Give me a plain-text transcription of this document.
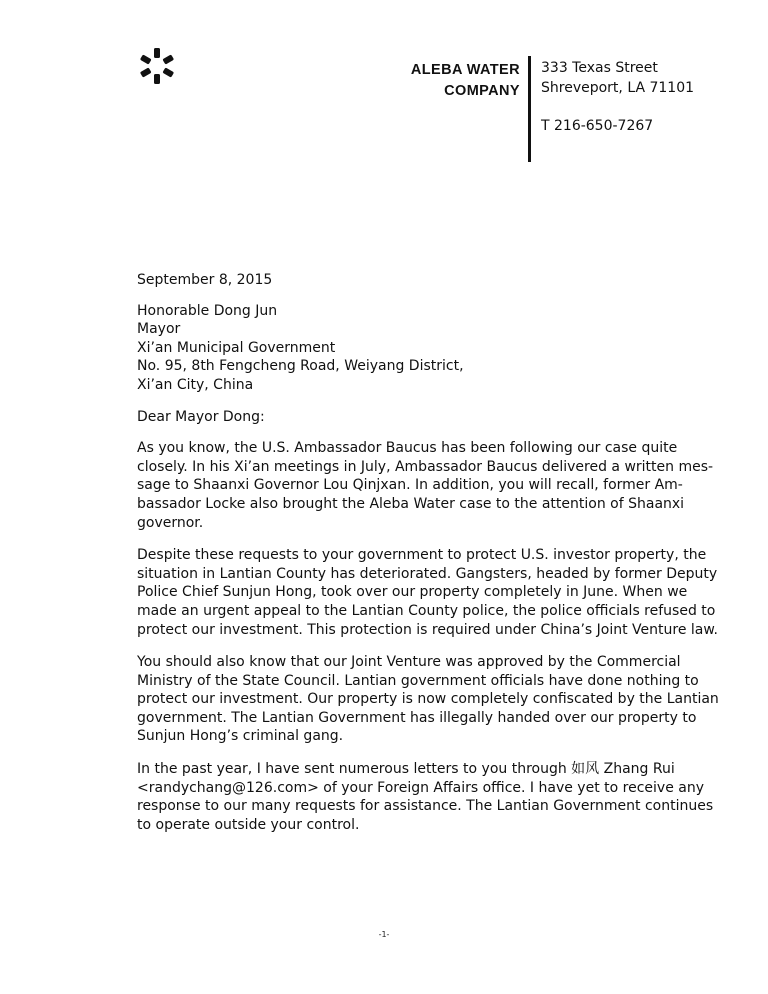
ALEBA WATER
COMPANY
333 Texas Street
Shreveport, LA 71101
T 216-650-7267

September 8, 2015

Honorable Dong Jun
Mayor
Xi’an Municipal Government
No. 95, 8th Fengcheng Road, Weiyang District,
Xi’an City, China

Dear Mayor Dong:

As you know, the U.S. Ambassador Baucus has been following our case quite
closely. In his Xi’an meetings in July, Ambassador Baucus delivered a written mes-
sage to Shaanxi Governor Lou Qinjxan. In addition, you will recall, former Am-
bassador Locke also brought the Aleba Water case to the attention of Shaanxi
governor.

Despite these requests to your government to protect U.S. investor property, the
situation in Lantian County has deteriorated. Gangsters, headed by former Deputy
Police Chief Sunjun Hong, took over our property completely in June. When we
made an urgent appeal to the Lantian County police, the police officials refused to
protect our investment. This protection is required under China’s Joint Venture law.

You should also know that our Joint Venture was approved by the Commercial
Ministry of the State Council. Lantian government officials have done nothing to
protect our investment. Our property is now completely confiscated by the Lantian
government. The Lantian Government has illegally handed over our property to
Sunjun Hong’s criminal gang.

In the past year, I have sent numerous letters to you through 如风 Zhang Rui
<randychang@126.com> of your Foreign Affairs office. I have yet to receive any
response to our many requests for assistance. The Lantian Government continues
to operate outside your control.

-1-
